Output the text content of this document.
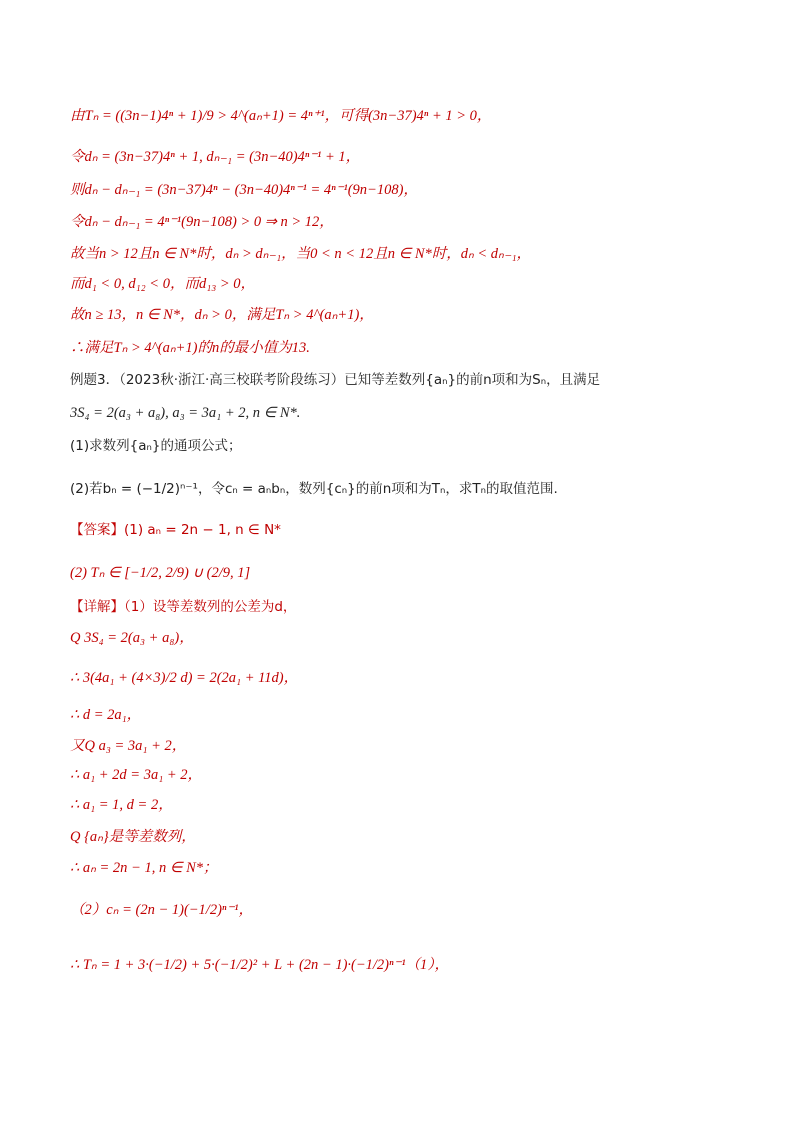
由Tₙ = ((3n−1)4ⁿ + 1)/9 > 4^(aₙ+1) = 4ⁿ⁺¹，可得(3n−37)4ⁿ + 1 > 0，
令dₙ = (3n−37)4ⁿ + 1, dₙ₋₁ = (3n−40)4ⁿ⁻¹ + 1，
则dₙ − dₙ₋₁ = (3n−37)4ⁿ − (3n−40)4ⁿ⁻¹ = 4ⁿ⁻¹(9n−108)，
令dₙ − dₙ₋₁ = 4ⁿ⁻¹(9n−108) > 0 ⇒ n > 12，
故当n > 12且n ∈ N*时，dₙ > dₙ₋₁，当0 < n < 12且n ∈ N*时，dₙ < dₙ₋₁，
而d₁ < 0, d₁₂ < 0，而d₁₃ > 0，
故n ≥ 13，n ∈ N*，dₙ > 0，满足Tₙ > 4^(aₙ+1)，
∴满足Tₙ > 4^(aₙ+1)的n的最小值为13.
例题3．（2023秋·浙江·高三校联考阶段练习）已知等差数列{aₙ}的前n项和为Sₙ，且满足
3S₄ = 2(a₃ + a₈), a₃ = 3a₁ + 2, n ∈ N*.
(1)求数列{aₙ}的通项公式；
(2)若bₙ = (−1/2)ⁿ⁻¹，令cₙ = aₙbₙ，数列{cₙ}的前n项和为Tₙ，求Tₙ的取值范围.
【答案】(1) aₙ = 2n − 1, n ∈ N*
(2) Tₙ ∈ [−1/2, 2/9) ∪ (2/9, 1]
【详解】（1）设等差数列的公差为d，
Q 3S₄ = 2(a₃ + a₈)，
∴ 3(4a₁ + (4×3)/2 d) = 2(2a₁ + 11d)，
∴ d = 2a₁，
又Q a₃ = 3a₁ + 2，
∴ a₁ + 2d = 3a₁ + 2，
∴ a₁ = 1, d = 2，
Q {aₙ}是等差数列，
∴ aₙ = 2n − 1, n ∈ N*；
（2）cₙ = (2n − 1)(−1/2)ⁿ⁻¹，
∴ Tₙ = 1 + 3·(−1/2) + 5·(−1/2)² + L + (2n − 1)·(−1/2)ⁿ⁻¹（1），
